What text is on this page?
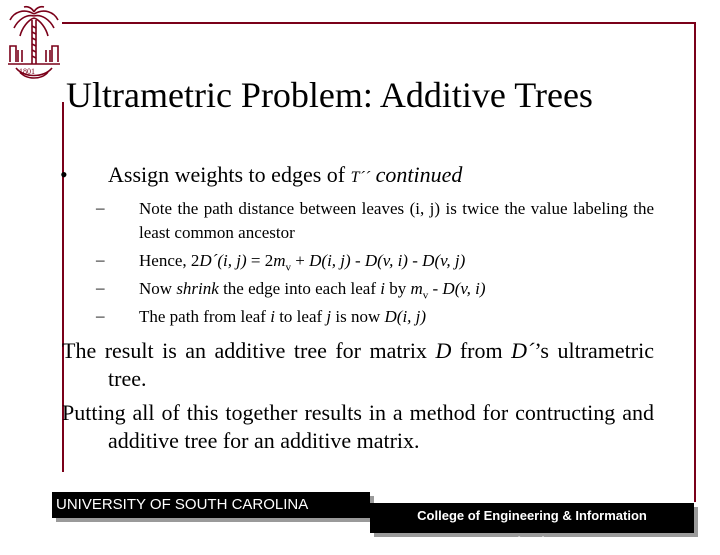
1801
Ultrametric Problem: Additive Trees
• Assign weights to edges of T´´ continued
– Note the path distance between leaves (i, j) is twice the value labeling the least common ancestor
– Hence, 2D´(i, $j) = 2m_v + D(i$, j) - D(v, i) - D(v, j)
– Now shrink the edge into each leaf i by $m_v - D(v$, i)
– The path from leaf i to leaf j is now D(i, j)
The result is an additive tree for matrix D from D´’s ultrametric tree.
Putting all of this together results in a method for contructing and additive tree for an additive matrix.
UNIVERSITY OF SOUTH CAROLINA
College of Engineering & Information
Technology
